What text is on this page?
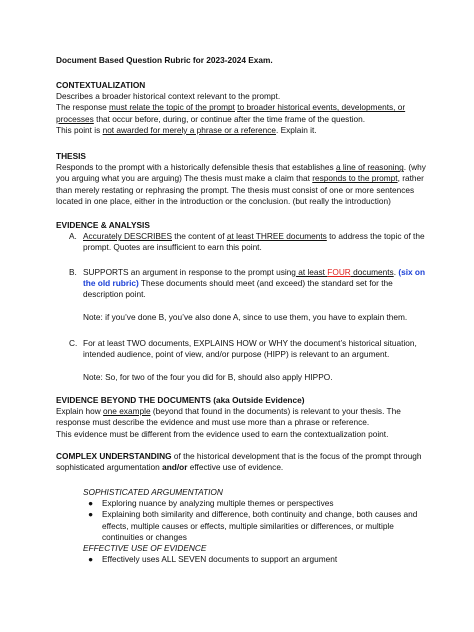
Document Based Question Rubric for 2023-2024 Exam.

CONTEXTUALIZATION

Describes a broader historical context relevant to the prompt.

The response must relate the topic of the prompt to broader historical events, developments, or processes that occur before, during, or continue after the time frame of the question.

This point is not awarded for merely a phrase or a reference. Explain it.

THESIS

Responds to the prompt with a historically defensible thesis that establishes a line of reasoning. (why you arguing what you are arguing) The thesis must make a claim that responds to the prompt, rather than merely restating or rephrasing the prompt. The thesis must consist of one or more sentences located in one place, either in the introduction or the conclusion. (but really the introduction)

EVIDENCE & ANALYSIS

A. Accurately DESCRIBES the content of at least THREE documents to address the topic of the prompt. Quotes are insufficient to earn this point.
B. SUPPORTS an argument in response to the prompt using at least FOUR documents. (six on the old rubric) These documents should meet (and exceed) the standard set for the description point.

Note: if you’ve done B, you’ve also done A, since to use them, you have to explain them.

C. For at least TWO documents, EXPLAINS HOW or WHY the document’s historical situation, intended audience, point of view, and/or purpose (HIPP) is relevant to an argument.

Note: So, for two of the four you did for B, should also apply HIPPO.

EVIDENCE BEYOND THE DOCUMENTS (aka Outside Evidence)

Explain how one example (beyond that found in the documents) is relevant to your thesis. The response must describe the evidence and must use more than a phrase or reference.

This evidence must be different from the evidence used to earn the contextualization point.

COMPLEX UNDERSTANDING of the historical development that is the focus of the prompt through sophisticated argumentation and/or effective use of evidence.

SOPHISTICATED ARGUMENTATION

● Exploring nuance by analyzing multiple themes or perspectives
● Explaining both similarity and difference, both continuity and change, both causes and effects, multiple causes or effects, multiple similarities or differences, or multiple continuities or changes

EFFECTIVE USE OF EVIDENCE

● Effectively uses ALL SEVEN documents to support an argument
